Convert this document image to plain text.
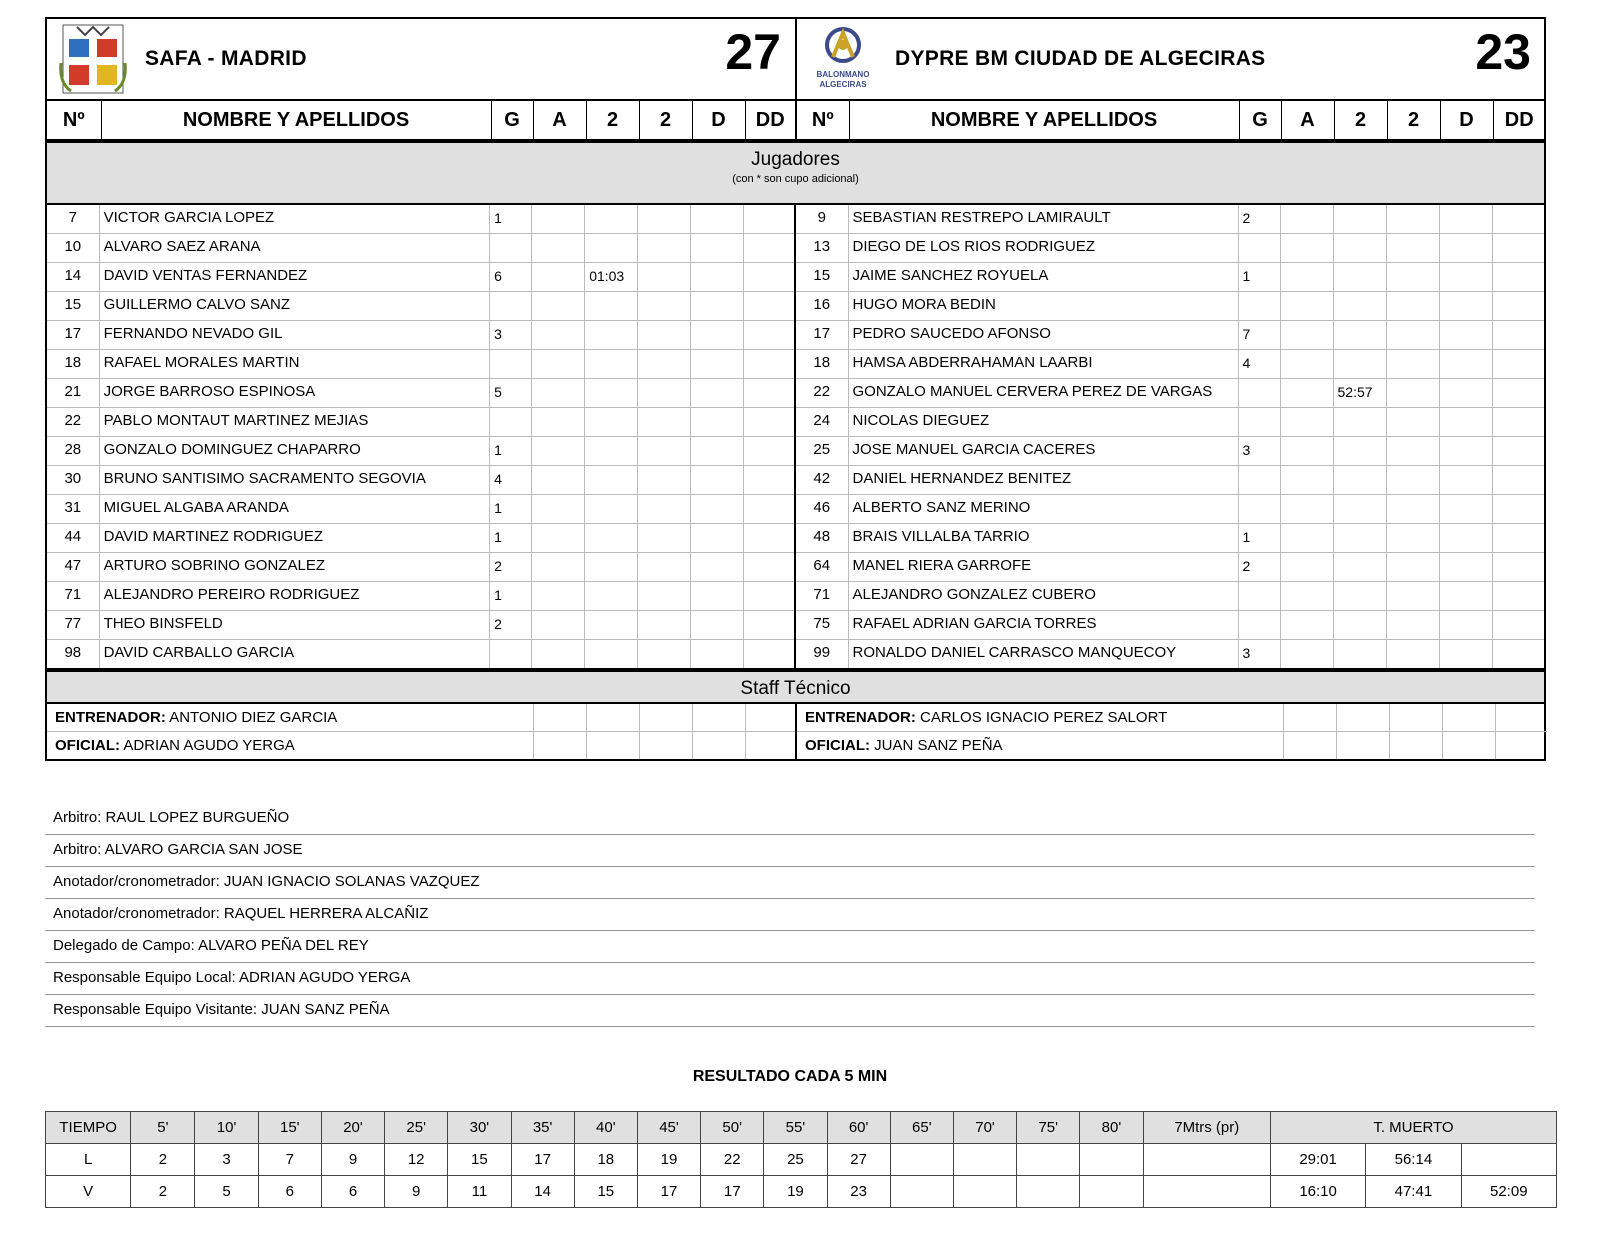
SAFA - MADRID	27
Nº	NOMBRE Y APELLIDOS	G	A	2	2	D	DD
BALONMANO
ALGECIRAS
DYPRE BM CIUDAD DE ALGECIRAS	23
Nº	NOMBRE Y APELLIDOS	G	A	2	2	D	DD
Jugadores
(con * son cupo adicional)
7	VICTOR GARCIA LOPEZ	1					
10	ALVARO SAEZ ARANA						
14	DAVID VENTAS FERNANDEZ	6		01:03			
15	GUILLERMO CALVO SANZ						
17	FERNANDO NEVADO GIL	3					
18	RAFAEL MORALES MARTIN						
21	JORGE BARROSO ESPINOSA	5					
22	PABLO MONTAUT MARTINEZ MEJIAS						
28	GONZALO DOMINGUEZ CHAPARRO	1					
30	BRUNO SANTISIMO SACRAMENTO SEGOVIA	4					
31	MIGUEL ALGABA ARANDA	1					
44	DAVID MARTINEZ RODRIGUEZ	1					
47	ARTURO SOBRINO GONZALEZ	2					
71	ALEJANDRO PEREIRO RODRIGUEZ	1					
77	THEO BINSFELD	2					
98	DAVID CARBALLO GARCIA						
9	SEBASTIAN RESTREPO LAMIRAULT	2					
13	DIEGO DE LOS RIOS RODRIGUEZ						
15	JAIME SANCHEZ ROYUELA	1					
16	HUGO MORA BEDIN						
17	PEDRO SAUCEDO AFONSO	7					
18	HAMSA ABDERRAHAMAN LAARBI	4					
22	GONZALO MANUEL CERVERA PEREZ DE VARGAS			52:57			
24	NICOLAS DIEGUEZ						
25	JOSE MANUEL GARCIA CACERES	3					
42	DANIEL HERNANDEZ BENITEZ						
46	ALBERTO SANZ MERINO						
48	BRAIS VILLALBA TARRIO	1					
64	MANEL RIERA GARROFE	2					
71	ALEJANDRO GONZALEZ CUBERO						
75	RAFAEL ADRIAN GARCIA TORRES						
99	RONALDO DANIEL CARRASCO MANQUECOY	3					
Staff Técnico
ENTRENADOR: ANTONIO DIEZ GARCIA					
OFICIAL: ADRIAN AGUDO YERGA					
ENTRENADOR: CARLOS IGNACIO PEREZ SALORT					
OFICIAL: JUAN SANZ PEÑA					
Arbitro: RAUL LOPEZ BURGUEÑO
Arbitro: ALVARO GARCIA SAN JOSE
Anotador/cronometrador: JUAN IGNACIO SOLANAS VAZQUEZ
Anotador/cronometrador: RAQUEL HERRERA ALCAÑIZ
Delegado de Campo: ALVARO PEÑA DEL REY
Responsable Equipo Local: ADRIAN AGUDO YERGA
Responsable Equipo Visitante: JUAN SANZ PEÑA
RESULTADO CADA 5 MIN
TIEMPO	5'	10'	15'	20'	25'	30'	35'	40'	45'	50'	55'	60'	65'	70'	75'	80'	7Mtrs (pr)	T. MUERTO		
L	2	3	7	9	12	15	17	18	19	22	25	27						29:01	56:14	
V	2	5	6	6	9	11	14	15	17	17	19	23						16:10	47:41	52:09
